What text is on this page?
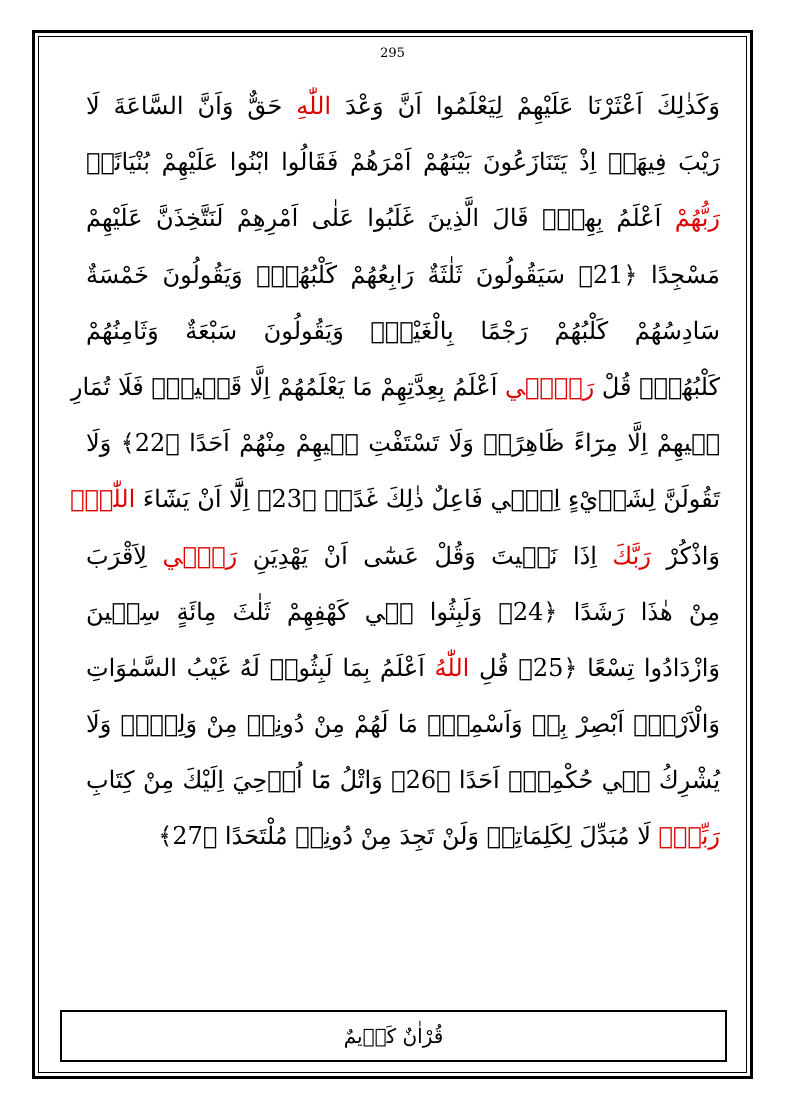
295
وَكَذٰلِكَ اَعْثَرْنَا عَلَيْهِمْ لِيَعْلَمُوا اَنَّ وَعْدَ اللّٰهِ حَقٌّ وَاَنَّ السَّاعَةَ لَا
رَيْبَ فِيهَاۚ اِذْ يَتَنَازَعُونَ بَيْنَهُمْ اَمْرَهُمْ فَقَالُوا ابْنُوا عَلَيْهِمْ بُنْيَانًاۜ
رَبُّهُمْ اَعْلَمُ بِهِمْۜ قَالَ الَّذِينَ غَلَبُوا عَلٰى اَمْرِهِمْ لَنَتَّخِذَنَّ عَلَيْهِمْ
مَسْجِدًا ﴿21﴾ سَيَقُولُونَ ثَلٰثَةٌ رَابِعُهُمْ كَلْبُهُمْۚ وَيَقُولُونَ خَمْسَةٌ
سَادِسُهُمْ كَلْبُهُمْ رَجْمًا بِالْغَيْبِۚ وَيَقُولُونَ سَبْعَةٌ وَثَامِنُهُمْ
كَلْبُهُمْۜ قُلْ رَبّ۪ٓي اَعْلَمُ بِعِدَّتِهِمْ مَا يَعْلَمُهُمْ اِلَّا قَل۪يلٌ۠ فَلَا تُمَارِ
ف۪يهِمْ اِلَّا مِرَٓاءً ظَاهِرًاۖ وَلَا تَسْتَفْتِ ف۪يهِمْ مِنْهُمْ اَحَدًا ﴿22﴾ وَلَا
تَقُولَنَّ لِشَا۬يْءٍ اِنّ۪ي فَاعِلٌ ذٰلِكَ غَدًاۙ ﴿23﴾ اِلَّٓا اَنْ يَشَٓاءَ اللّٰهُۘ
وَاذْكُرْ رَبَّكَ اِذَا نَس۪يتَ وَقُلْ عَسٰٓى اَنْ يَهْدِيَنِ رَبّ۪ي لِاَقْرَبَ
مِنْ هٰذَا رَشَدًا ﴿24﴾ وَلَبِثُوا ف۪ي كَهْفِهِمْ ثَلٰثَ مِائَةٍ سِن۪ينَ
وَازْدَادُوا تِسْعًا ﴿25﴾ قُلِ اللّٰهُ اَعْلَمُ بِمَا لَبِثُواۚ لَهُ غَيْبُ السَّمٰوَاتِ
وَالْاَرْضِۜ اَبْصِرْ بِه۪ وَاَسْمِعْۜ مَا لَهُمْ مِنْ دُونِه۪ مِنْ وَلِيٍّۘ وَلَا
يُشْرِكُ ف۪ي حُكْمِه۪ٓ اَحَدًا ﴿26﴾ وَاتْلُ مَٓا اُو۫حِيَ اِلَيْكَ مِنْ كِتَابِ
رَبِّكَۚ لَا مُبَدِّلَ لِكَلِمَاتِه۪ وَلَنْ تَجِدَ مِنْ دُونِه۪ مُلْتَحَدًا ﴿27﴾
قُرْاٰنٌ كَر۪يمٌ
